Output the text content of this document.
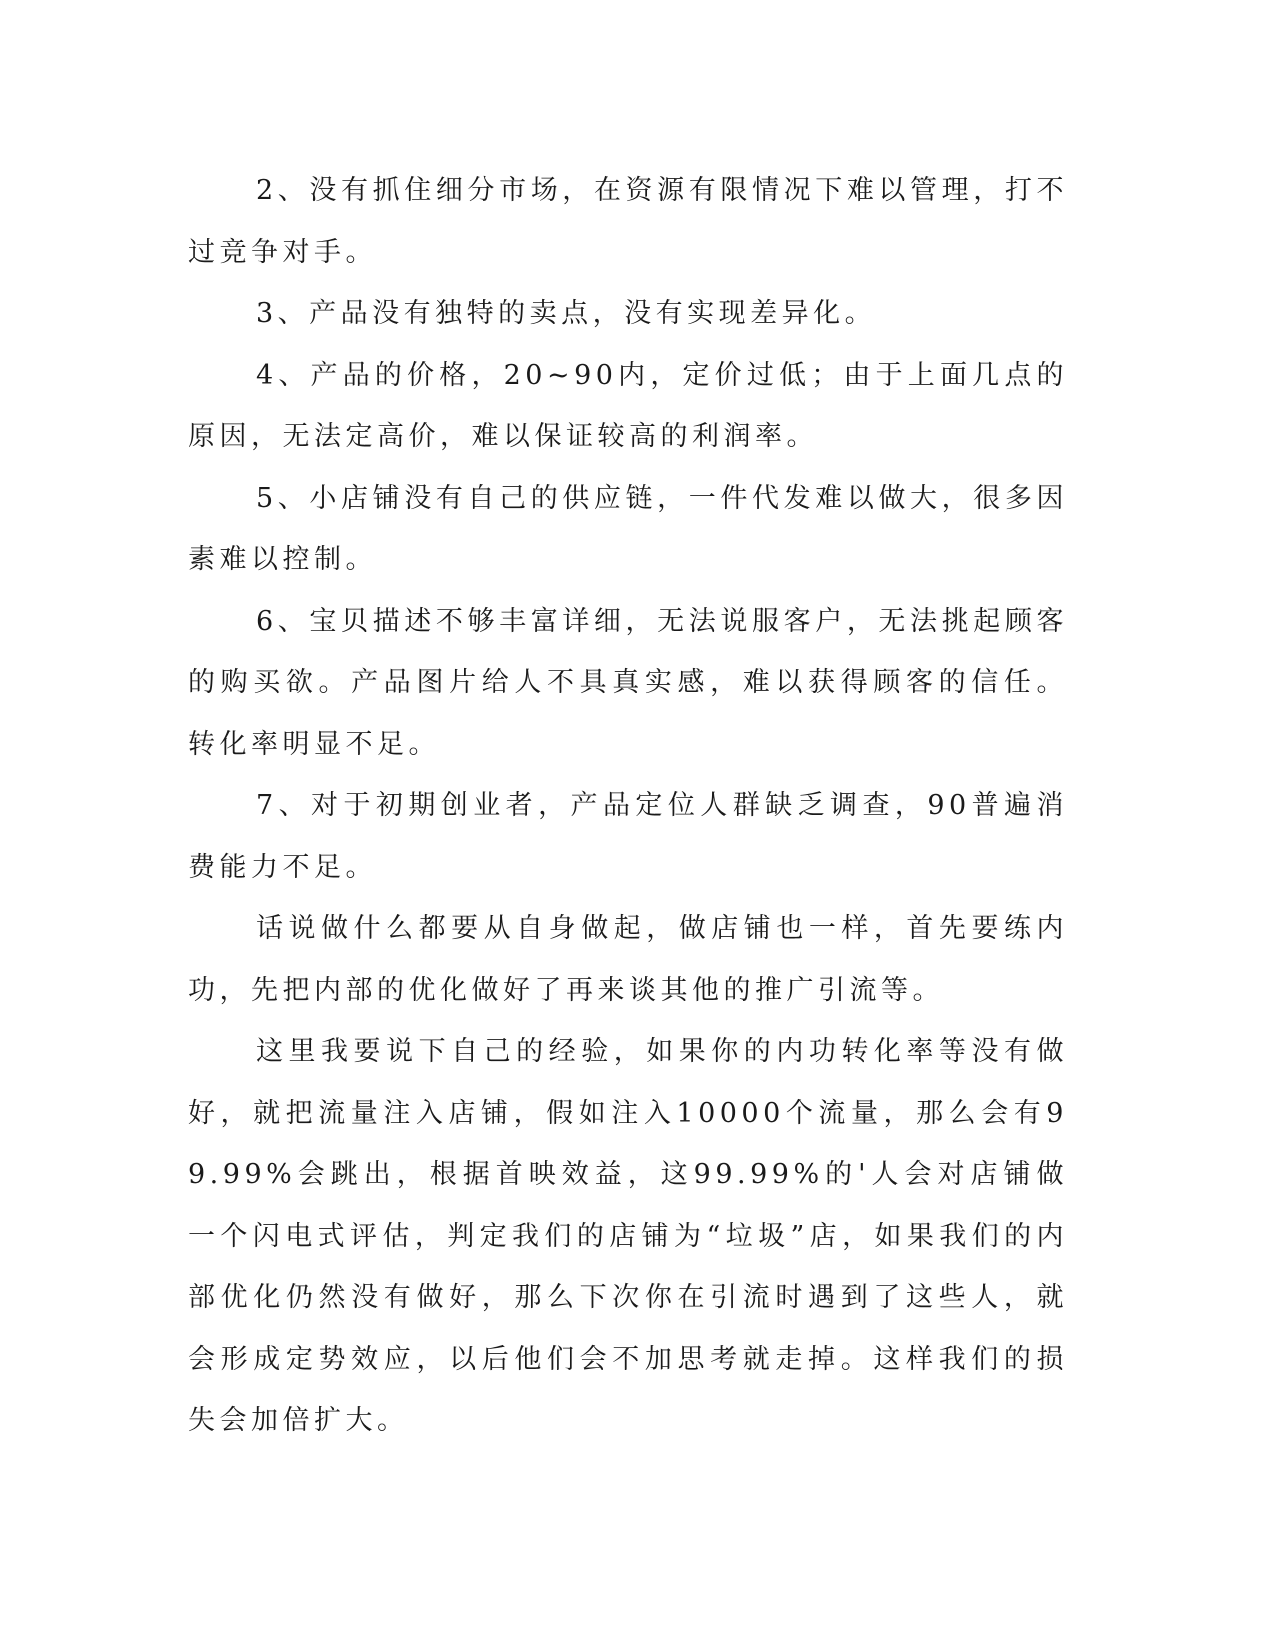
2、没有抓住细分市场，在资源有限情况下难以管理，打不过竞争对手。

3、产品没有独特的卖点，没有实现差异化。

4、产品的价格，20~90内，定价过低；由于上面几点的原因，无法定高价，难以保证较高的利润率。

5、小店铺没有自己的供应链，一件代发难以做大，很多因素难以控制。

6、宝贝描述不够丰富详细，无法说服客户，无法挑起顾客的购买欲。产品图片给人不具真实感，难以获得顾客的信任。转化率明显不足。

7、对于初期创业者，产品定位人群缺乏调查，90普遍消费能力不足。

话说做什么都要从自身做起，做店铺也一样，首先要练内功，先把内部的优化做好了再来谈其他的推广引流等。

这里我要说下自己的经验，如果你的内功转化率等没有做好，就把流量注入店铺，假如注入10000个流量，那么会有99.99%会跳出，根据首映效益，这99.99%的'人会对店铺做一个闪电式评估，判定我们的店铺为“垃圾”店，如果我们的内部优化仍然没有做好，那么下次你在引流时遇到了这些人，就会形成定势效应，以后他们会不加思考就走掉。这样我们的损失会加倍扩大。
